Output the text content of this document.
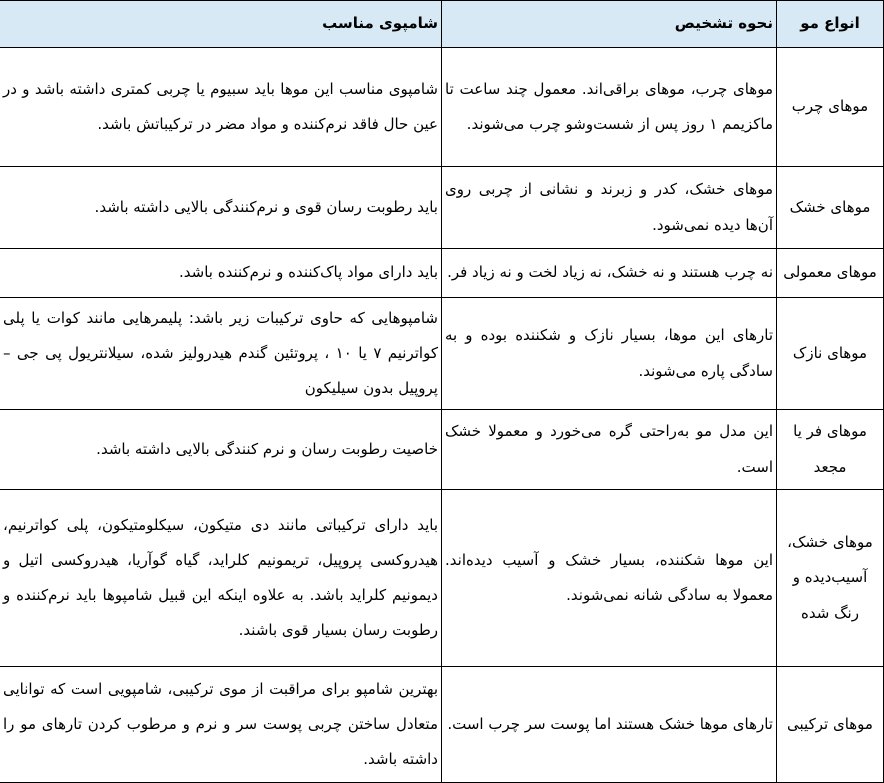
انواع مو	نحوه تشخیص	شامپوی مناسب
موهای چرب	موهای چرب، موهای براقی‌اند. معمول چند ساعت تا ماکزیمم ۱ روز پس از شست‌وشو چرب می‌شوند.	شامپوی مناسب این موها باید سبیوم یا چربی کمتری داشته باشد و در عین حال فاقد نرم‌کننده و مواد مضر در ترکیباتش باشد.
موهای خشک	موهای خشک، کدر و زبرند و نشانی از چربی روی آن‌ها دیده نمی‌شود.	باید رطوبت رسان قوی و نرم‌کنندگی بالایی داشته باشد.
موهای معمولی	نه چرب هستند و نه خشک، نه زیاد لخت و نه زیاد فر.	باید دارای مواد پاک‌کننده و نرم‌کننده باشد.
موهای نازک	تارهای این موها، بسیار نازک و شکننده بوده و به سادگی پاره می‌شوند.	شامپوهایی که حاوی ترکیبات زیر باشد: پلیمرهایی مانند کوات یا پلی کواترنیم ۷ یا ۱۰ ، پروتئین گندم هیدرولیز شده، سیلانتریول پی جی – پروپیل بدون سیلیکون
موهای فر یا مجعد	این مدل مو به‌راحتی گره می‌خورد و معمولا خشک است.	خاصیت رطوبت رسان و نرم کنندگی بالایی داشته باشد.
موهای خشک، آسیب‌دیده و رنگ شده	این موها شکننده، بسیار خشک و آسیب دیده‌اند. معمولا به سادگی شانه نمی‌شوند.	باید دارای ترکیباتی مانند دی متیکون، سیکلومتیکون، پلی کواترنیم، هیدروکسی پروپیل، تریمونیم کلراید، گیاه گوآریا، هیدروکسی اتیل و دیمونیم کلراید باشد. به علاوه اینکه این قبیل شامپوها باید نرم‌کننده و رطوبت رسان بسیار قوی باشند.
موهای ترکیبی	تارهای موها خشک هستند اما پوست سر چرب است.	بهترین شامپو برای مراقبت از موی ترکیبی، شامپویی است که توانایی متعادل ساختن چربی پوست سر و نرم و مرطوب کردن تارهای مو را داشته باشد.
